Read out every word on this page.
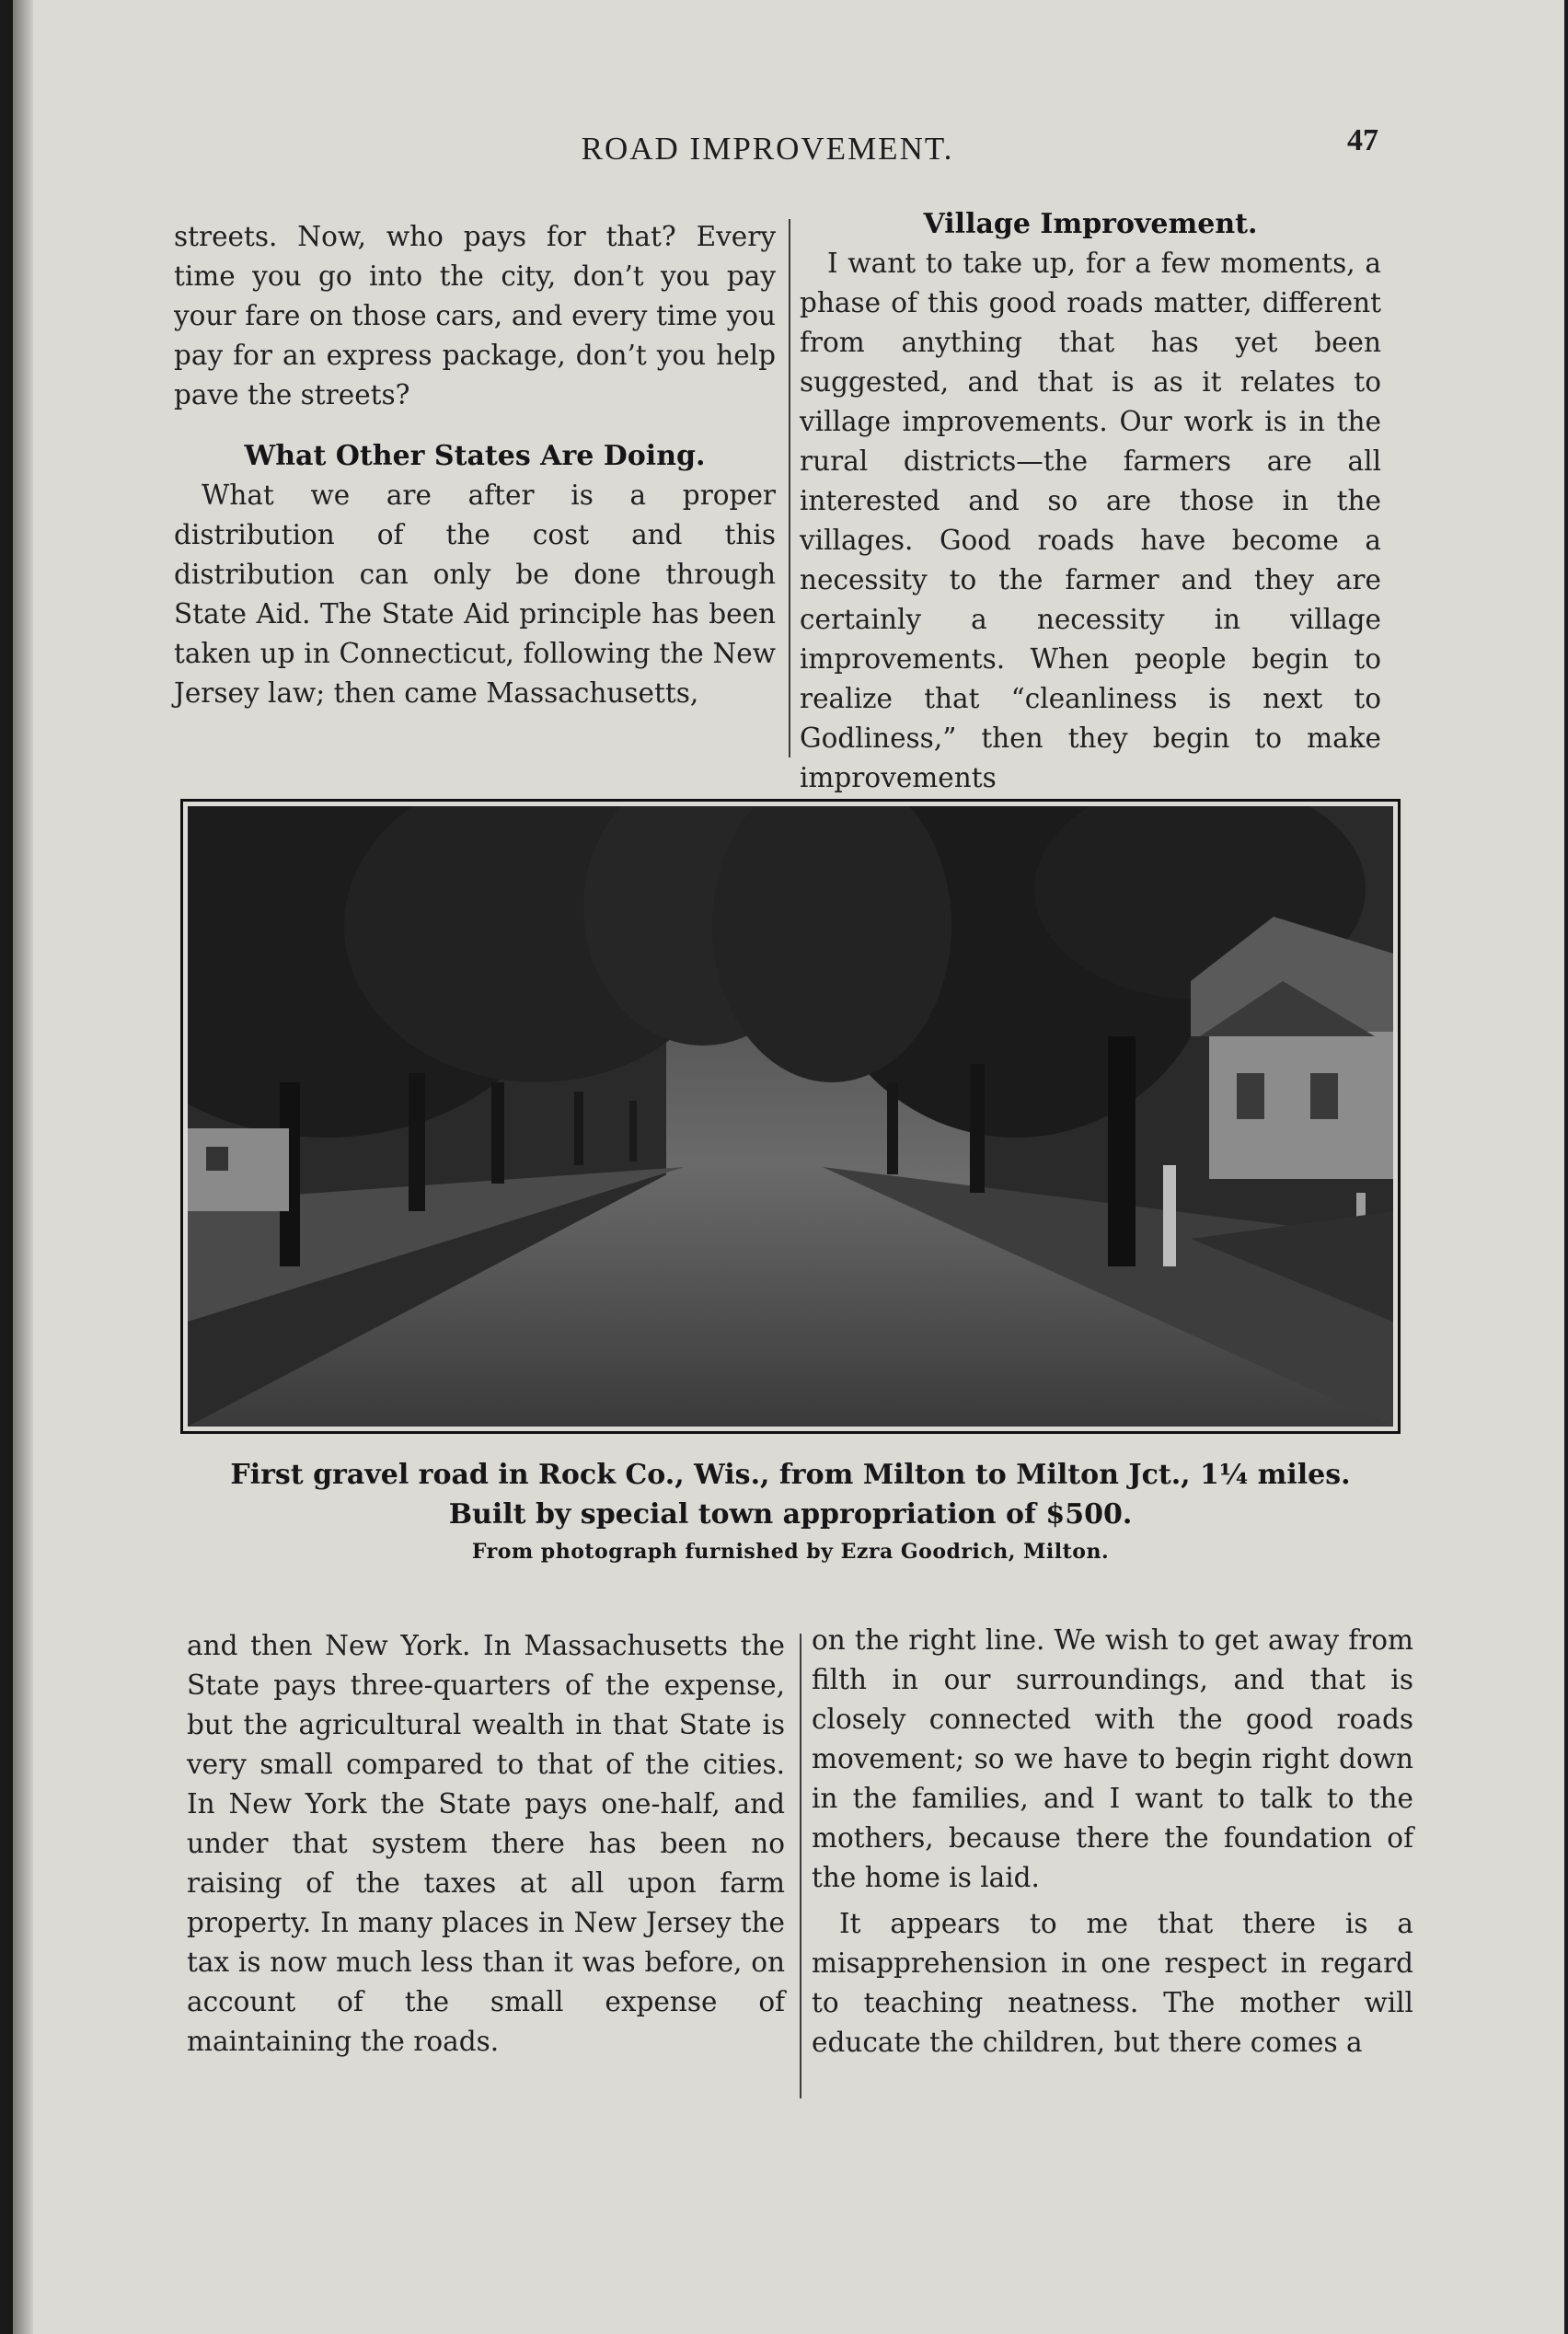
ROAD IMPROVEMENT.	47

streets. Now, who pays for that? Every time you go into the city, don’t you pay your fare on those cars, and every time you pay for an express package, don’t you help pave the streets?

What Other States Are Doing.

What we are after is a proper distribution of the cost and this distribution can only be done through State Aid. The State Aid principle has been taken up in Connecticut, following the New Jersey law; then came Massachusetts,

Village Improvement.

I want to take up, for a few moments, a phase of this good roads matter, different from anything that has yet been suggested, and that is as it relates to village improvements. Our work is in the rural districts—the farmers are all interested and so are those in the villages. Good roads have become a necessity to the farmer and they are certainly a necessity in village improvements. When people begin to realize that “cleanliness is next to Godliness,” then they begin to make improvements

First gravel road in Rock Co., Wis., from Milton to Milton Jct., 1¼ miles.
Built by special town appropriation of $500.
From photograph furnished by Ezra Goodrich, Milton.

and then New York. In Massachusetts the State pays three-quarters of the expense, but the agricultural wealth in that State is very small compared to that of the cities. In New York the State pays one-half, and under that system there has been no raising of the taxes at all upon farm property. In many places in New Jersey the tax is now much less than it was before, on account of the small expense of maintaining the roads.

on the right line. We wish to get away from filth in our surroundings, and that is closely connected with the good roads movement; so we have to begin right down in the families, and I want to talk to the mothers, because there the foundation of the home is laid.

It appears to me that there is a misapprehension in one respect in regard to teaching neatness. The mother will educate the children, but there comes a
